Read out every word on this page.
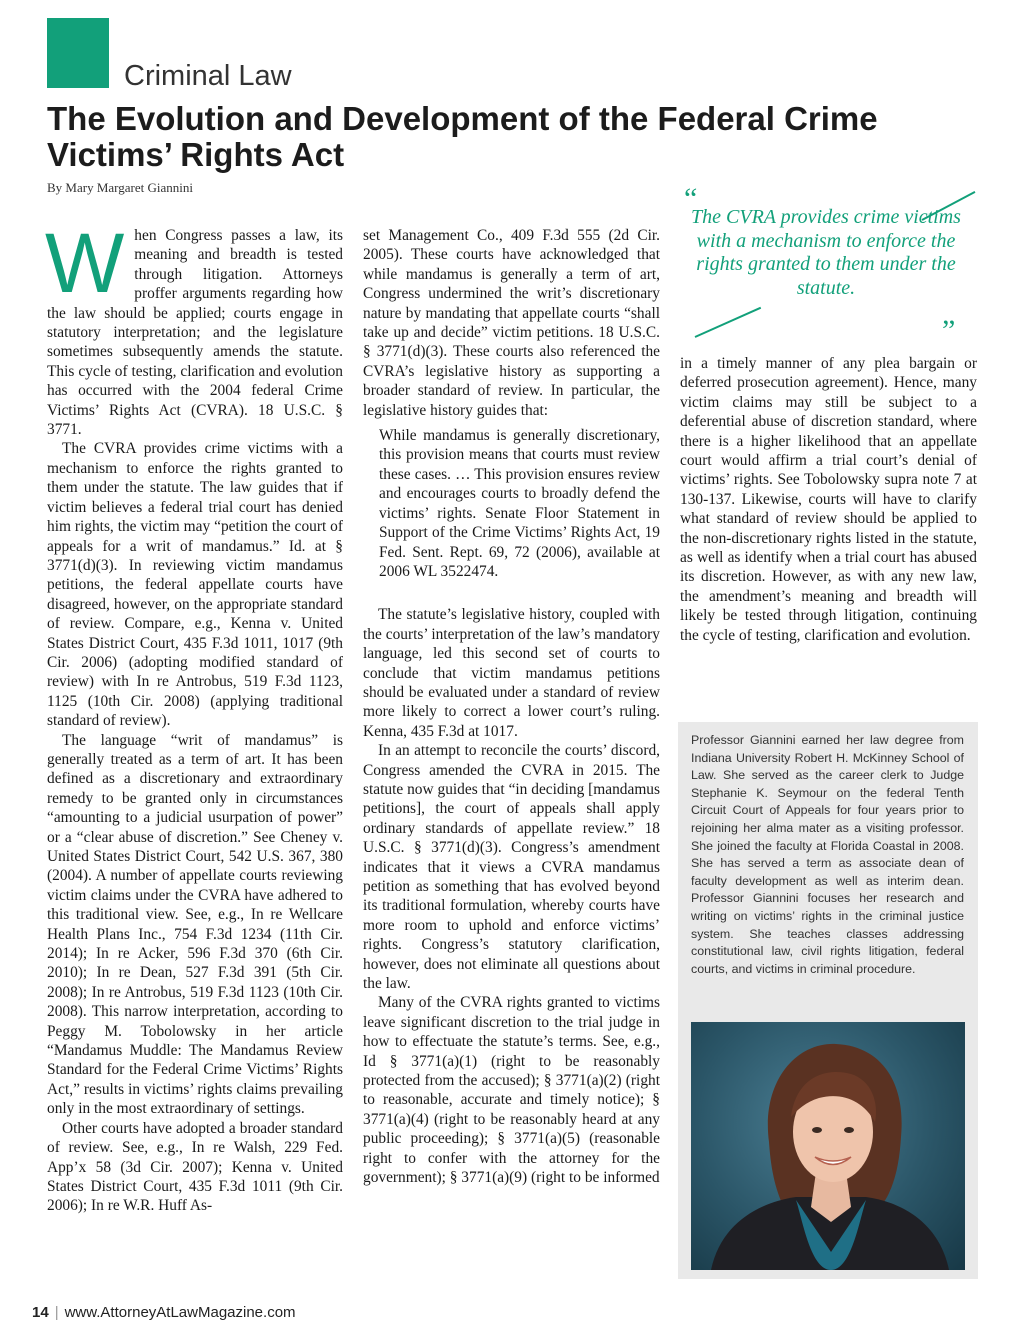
Criminal Law
The Evolution and Development of the Federal Crime Victims’ Rights Act
By Mary Margaret Giannini

When Congress passes a law, its meaning and breadth is tested through litigation. Attorneys proffer arguments regarding how the law should be applied; courts engage in statutory interpretation; and the legislature sometimes subsequently amends the statute. This cycle of testing, clarification and evolution has occurred with the 2004 federal Crime Victims’ Rights Act (CVRA). 18 U.S.C. § 3771.

The CVRA provides crime victims with a mechanism to enforce the rights granted to them under the statute. The law guides that if victim believes a federal trial court has denied him rights, the victim may “petition the court of appeals for a writ of mandamus.” Id. at § 3771(d)(3). In reviewing victim mandamus petitions, the federal appellate courts have disagreed, however, on the appropriate standard of review. Compare, e.g., Kenna v. United States District Court, 435 F.3d 1011, 1017 (9th Cir. 2006) (adopting modified standard of review) with In re Antrobus, 519 F.3d 1123, 1125 (10th Cir. 2008) (applying traditional standard of review).

The language “writ of mandamus” is generally treated as a term of art. It has been defined as a discretionary and extraordinary remedy to be granted only in circumstances “amounting to a judicial usurpation of power” or a “clear abuse of discretion.” See Cheney v. United States District Court, 542 U.S. 367, 380 (2004). A number of appellate courts reviewing victim claims under the CVRA have adhered to this traditional view. See, e.g., In re Wellcare Health Plans Inc., 754 F.3d 1234 (11th Cir. 2014); In re Acker, 596 F.3d 370 (6th Cir. 2010); In re Dean, 527 F.3d 391 (5th Cir. 2008); In re Antrobus, 519 F.3d 1123 (10th Cir. 2008). This narrow interpretation, according to Peggy M. Tobolowsky in her article “Mandamus Muddle: The Mandamus Review Standard for the Federal Crime Victims’ Rights Act,” results in victims’ rights claims prevailing only in the most extraordinary of settings.

Other courts have adopted a broader standard of review. See, e.g., In re Walsh, 229 Fed. App’x 58 (3d Cir. 2007); Kenna v. United States District Court, 435 F.3d 1011 (9th Cir. 2006); In re W.R. Huff As-

set Management Co., 409 F.3d 555 (2d Cir. 2005). These courts have acknowledged that while mandamus is generally a term of art, Congress undermined the writ’s discretionary nature by mandating that appellate courts “shall take up and decide” victim petitions. 18 U.S.C. § 3771(d)(3). These courts also referenced the CVRA’s legislative history as supporting a broader standard of review. In particular, the legislative history guides that:

While mandamus is generally discretionary, this provision means that courts must review these cases. … This provision ensures review and encourages courts to broadly defend the victims’ rights. Senate Floor Statement in Support of the Crime Victims’ Rights Act, 19 Fed. Sent. Rept. 69, 72 (2006), available at 2006 WL 3522474.

The statute’s legislative history, coupled with the courts’ interpretation of the law’s mandatory language, led this second set of courts to conclude that victim mandamus petitions should be evaluated under a standard of review more likely to correct a lower court’s ruling. Kenna, 435 F.3d at 1017.

In an attempt to reconcile the courts’ discord, Congress amended the CVRA in 2015. The statute now guides that “in deciding [mandamus petitions], the court of appeals shall apply ordinary standards of appellate review.” 18 U.S.C. § 3771(d)(3). Congress’s amendment indicates that it views a CVRA mandamus petition as something that has evolved beyond its traditional formulation, whereby courts have more room to uphold and enforce victims’ rights. Congress’s statutory clarification, however, does not eliminate all questions about the law.

Many of the CVRA rights granted to victims leave significant discretion to the trial judge in how to effectuate the statute’s terms. See, e.g., Id § 3771(a)(1) (right to be reasonably protected from the accused); § 3771(a)(2) (right to reasonable, accurate and timely notice); § 3771(a)(4) (right to be reasonably heard at any public proceeding); § 3771(a)(5) (reasonable right to confer with the attorney for the government); § 3771(a)(9) (right to be informed

“
The CVRA provides crime victims with a mechanism to enforce the rights granted to them under the statute.
”

in a timely manner of any plea bargain or deferred prosecution agreement). Hence, many victim claims may still be subject to a deferential abuse of discretion standard, where there is a higher likelihood that an appellate court would affirm a trial court’s denial of victims’ rights. See Tobolowsky supra note 7 at 130-137. Likewise, courts will have to clarify what standard of review should be applied to the non-discretionary rights listed in the statute, as well as identify when a trial court has abused its discretion. However, as with any new law, the amendment’s meaning and breadth will likely be tested through litigation, continuing the cycle of testing, clarification and evolution.

Professor Giannini earned her law degree from Indiana University Robert H. McKinney School of Law. She served as the career clerk to Judge Stephanie K. Seymour on the federal Tenth Circuit Court of Appeals for four years prior to rejoining her alma mater as a visiting professor. She joined the faculty at Florida Coastal in 2008. She has served a term as associate dean of faculty development as well as interim dean. Professor Giannini focuses her research and writing on victims’ rights in the criminal justice system. She teaches classes addressing constitutional law, civil rights litigation, federal courts, and victims in criminal procedure.
14 | www.AttorneyAtLawMagazine.com
